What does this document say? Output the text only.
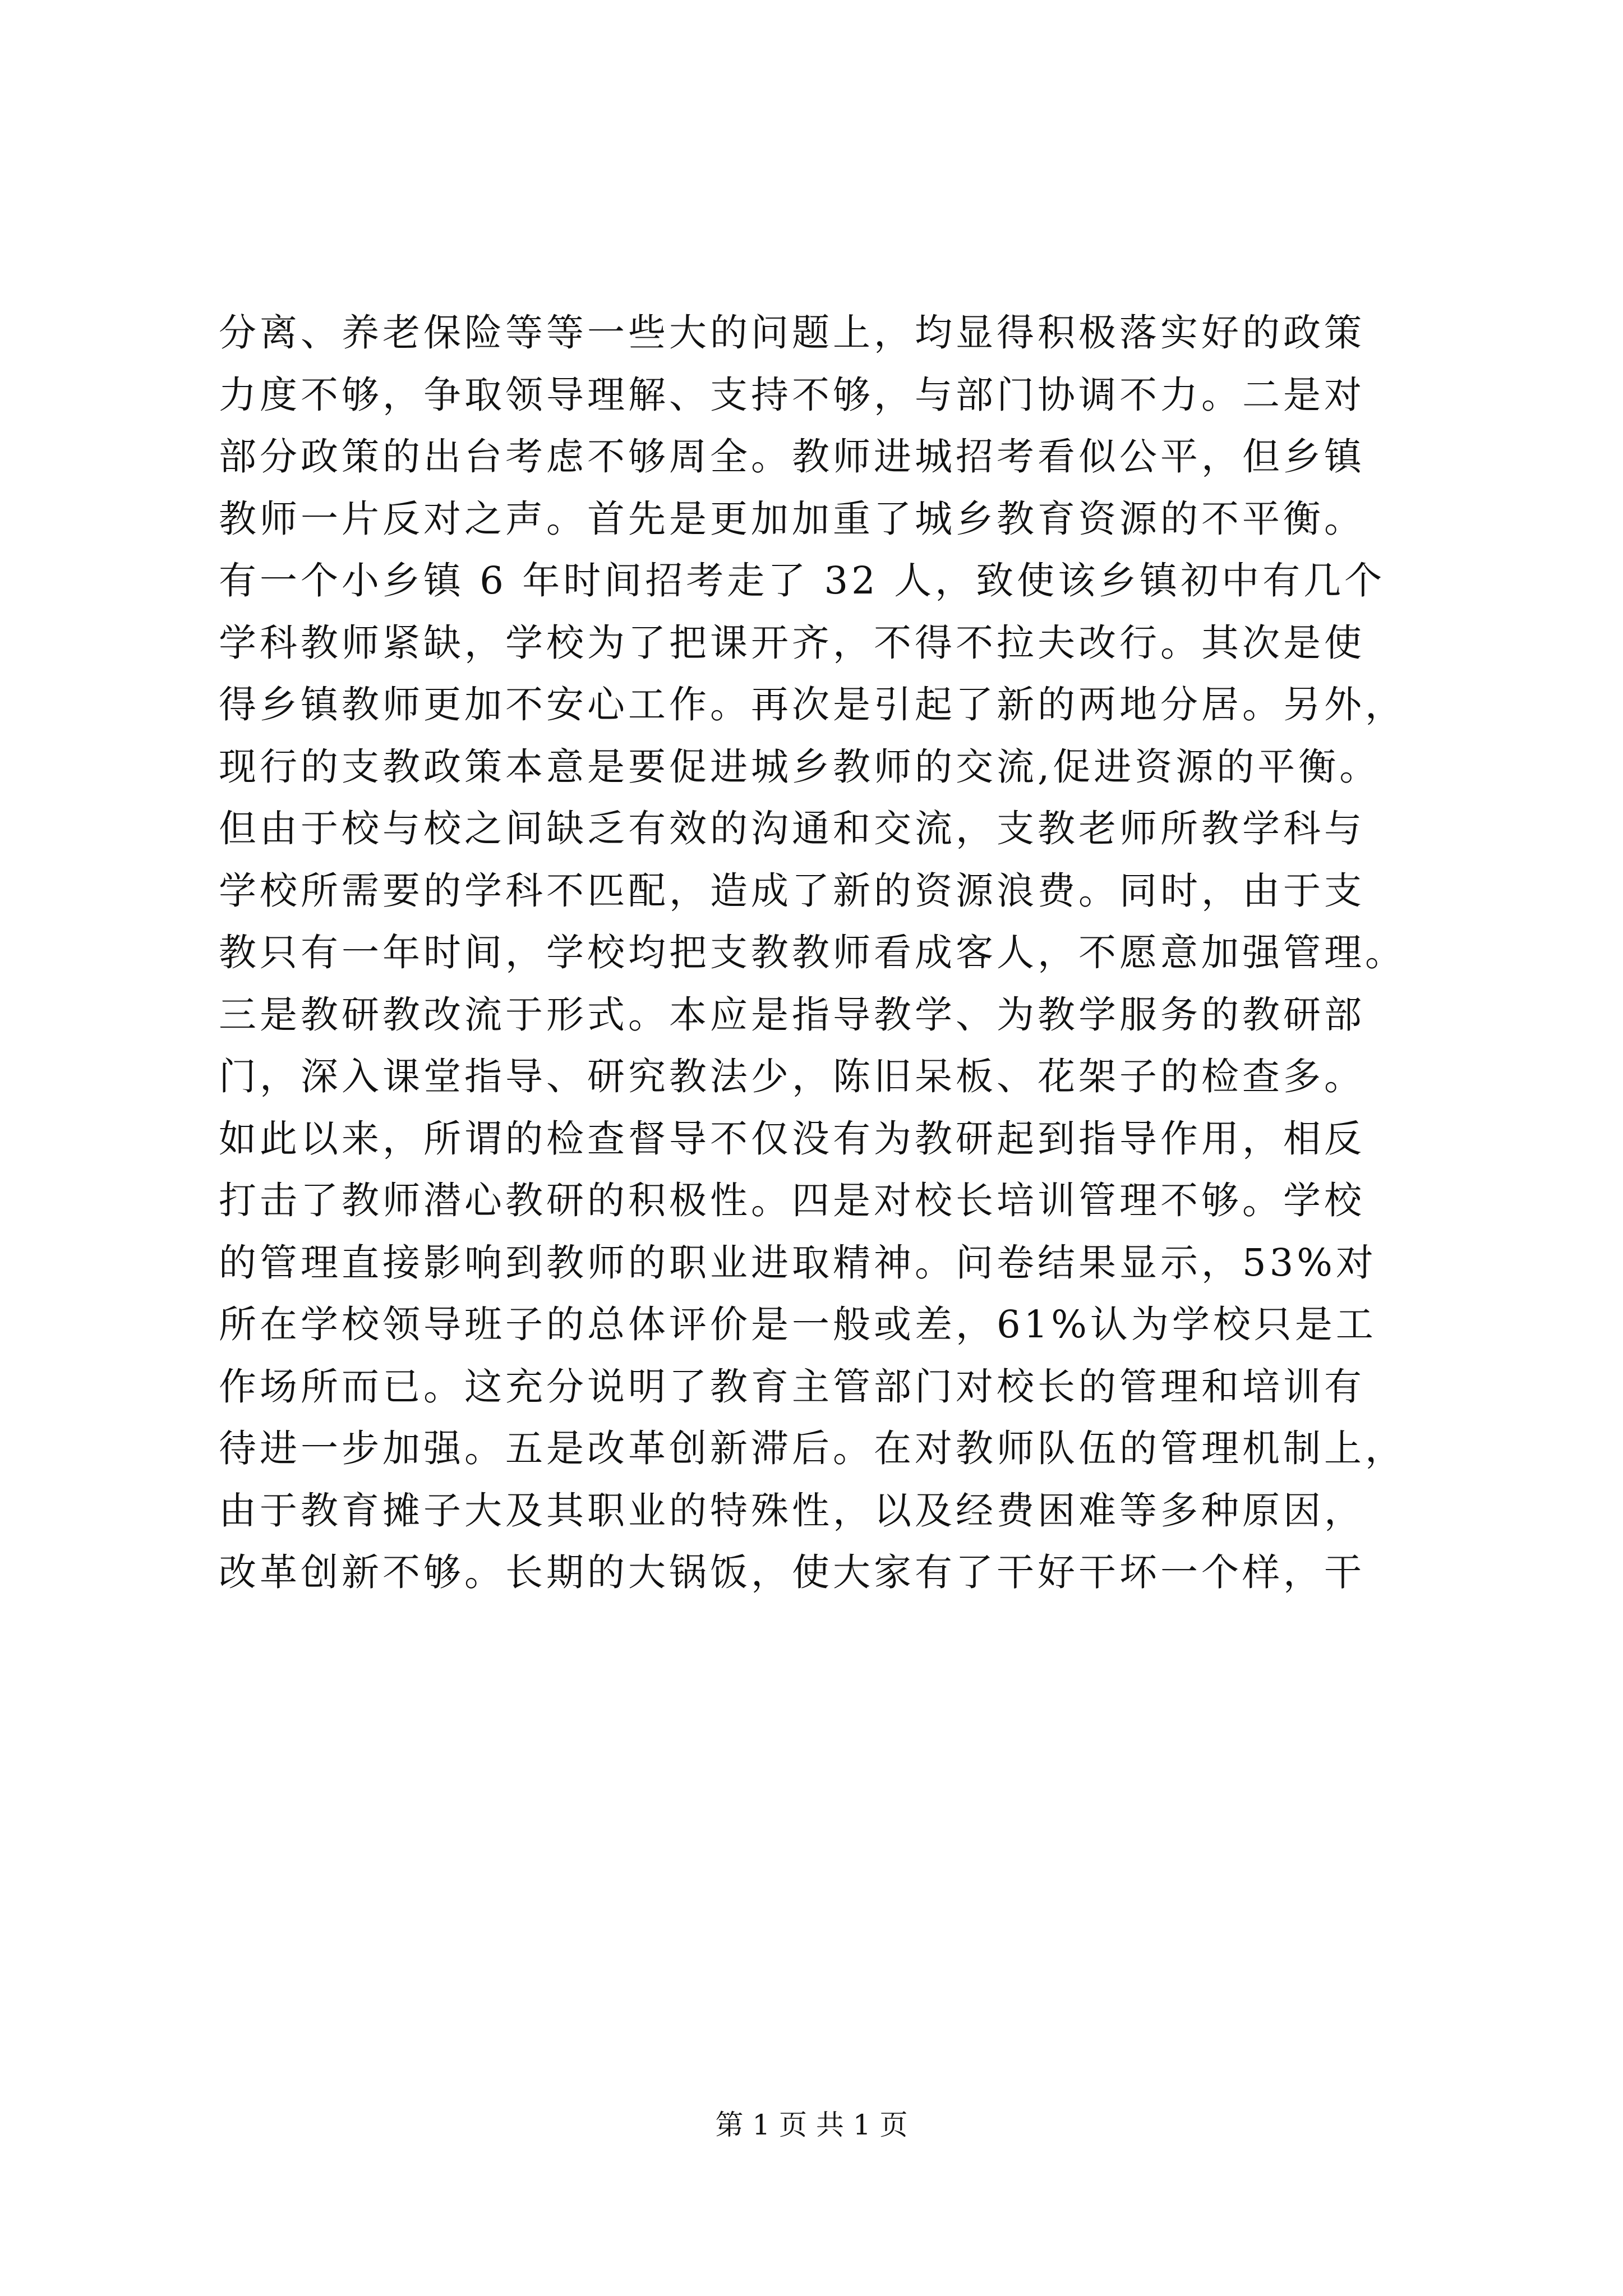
分离、养老保险等等一些大的问题上，均显得积极落实好的政策
力度不够，争取领导理解、支持不够，与部门协调不力。二是对
部分政策的出台考虑不够周全。教师进城招考看似公平，但乡镇
教师一片反对之声。首先是更加加重了城乡教育资源的不平衡。
有一个小乡镇 6 年时间招考走了 32 人，致使该乡镇初中有几个
学科教师紧缺，学校为了把课开齐，不得不拉夫改行。其次是使
得乡镇教师更加不安心工作。再次是引起了新的两地分居。另外，
现行的支教政策本意是要促进城乡教师的交流,促进资源的平衡。
但由于校与校之间缺乏有效的沟通和交流，支教老师所教学科与
学校所需要的学科不匹配，造成了新的资源浪费。同时，由于支
教只有一年时间，学校均把支教教师看成客人，不愿意加强管理。
三是教研教改流于形式。本应是指导教学、为教学服务的教研部
门，深入课堂指导、研究教法少，陈旧呆板、花架子的检查多。
如此以来，所谓的检查督导不仅没有为教研起到指导作用，相反
打击了教师潜心教研的积极性。四是对校长培训管理不够。学校
的管理直接影响到教师的职业进取精神。问卷结果显示，53%对
所在学校领导班子的总体评价是一般或差，61%认为学校只是工
作场所而已。这充分说明了教育主管部门对校长的管理和培训有
待进一步加强。五是改革创新滞后。在对教师队伍的管理机制上，
由于教育摊子大及其职业的特殊性，以及经费困难等多种原因，
改革创新不够。长期的大锅饭，使大家有了干好干坏一个样，干
第 1 页 共 1 页
